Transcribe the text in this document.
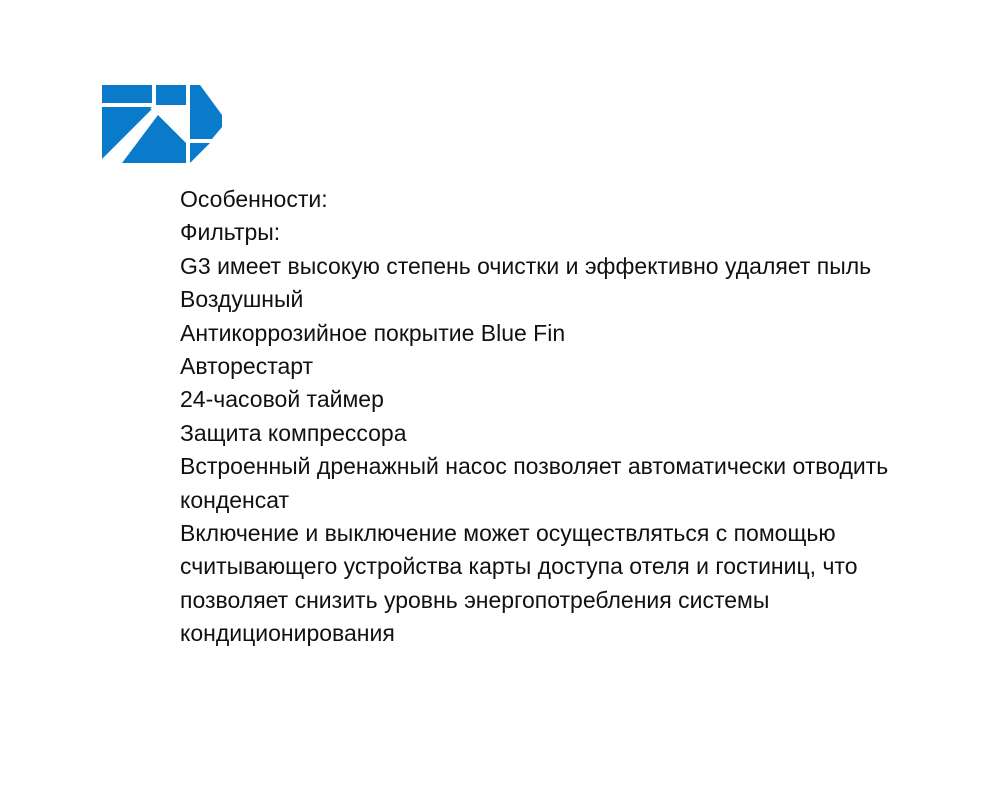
Особенности:
Фильтры:
G3 имеет высокую степень очистки и эффективно удаляет пыль
Воздушный
Антикоррозийное покрытие Blue Fin
Авторестарт
24-часовой таймер
Защита компрессора
Встроенный дренажный насос позволяет автоматически отводить конденсат
Включение и выключение может осуществляться с помощью считывающего устройства карты доступа отеля и гостиниц, что позволяет снизить уровнь энергопотребления системы кондиционирования
